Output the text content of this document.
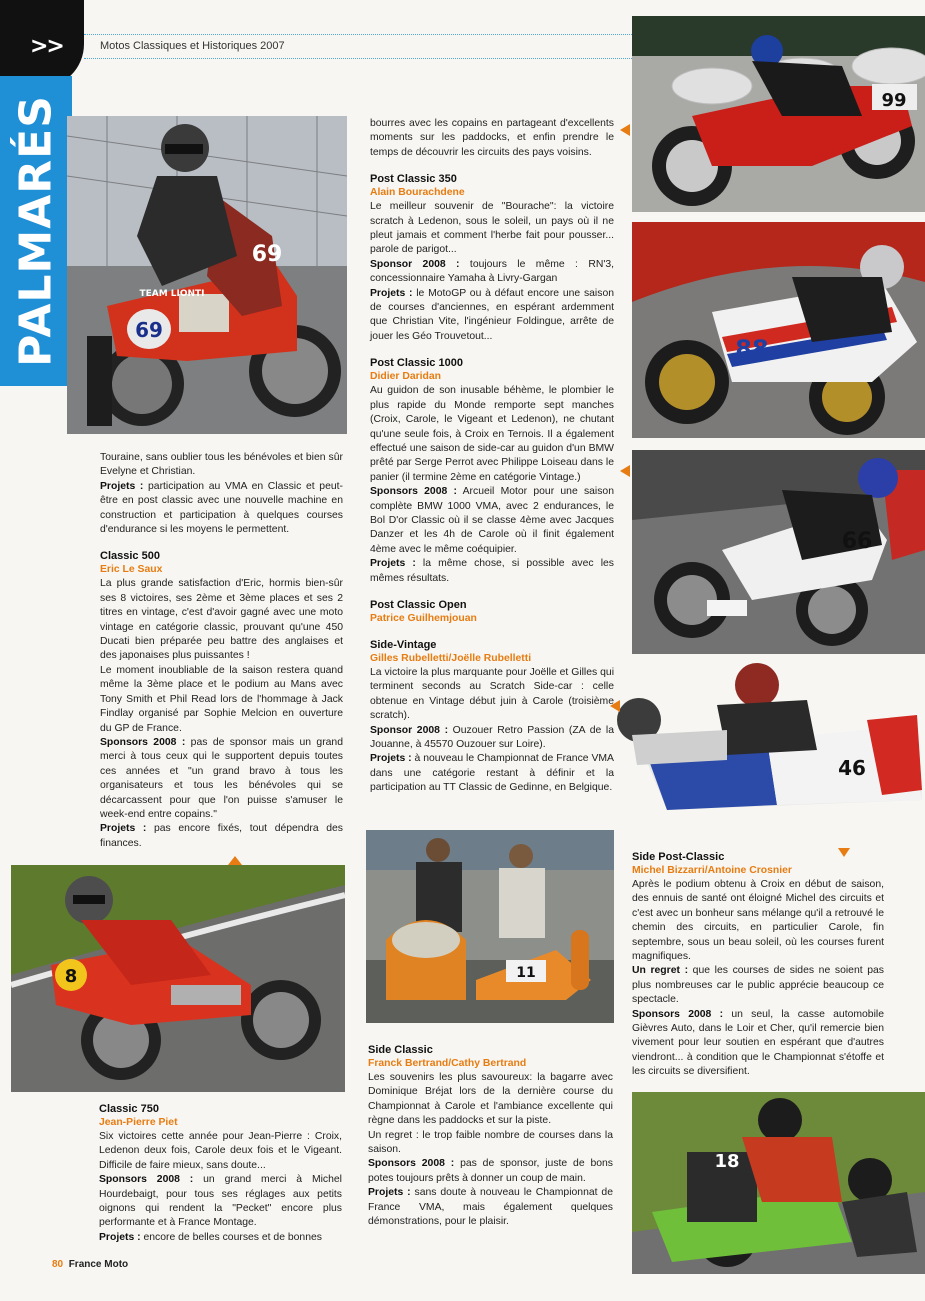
>>
PALMARÉS
Motos Classiques et Historiques 2007
69
69
TEAM LIONTI
8	11
99
88
66
46
18

Touraine, sans oublier tous les bénévoles et bien sûr Evelyne et Christian.

Projets : participation au VMA en Classic et peut-être en post classic avec une nouvelle machine en construction et participation à quelques courses d'endurance si les moyens le permettent.

Classic 500
Eric Le Saux

La plus grande satisfaction d'Eric, hormis bien-sûr ses 8 victoires, ses 2ème et 3ème places et ses 2 titres en vintage, c'est d'avoir gagné avec une moto vintage en catégorie classic, prouvant qu'une 450 Ducati bien préparée peu battre des anglaises et des japonaises plus puissantes !

Le moment inoubliable de la saison restera quand même la 3ème place et le podium au Mans avec Tony Smith et Phil Read lors de l'hommage à Jack Findlay organisé par Sophie Melcion en ouverture du GP de France.

Sponsors 2008 : pas de sponsor mais un grand merci à tous ceux qui le supportent depuis toutes ces années et "un grand bravo à tous les organisateurs et tous les bénévoles qui se décarcassent pour que l'on puisse s'amuser le week-end entre copains."

Projets : pas encore fixés, tout dépendra des finances.

Classic 750
Jean-Pierre Piet

Six victoires cette année pour Jean-Pierre : Croix, Ledenon deux fois, Carole deux fois et le Vigeant. Difficile de faire mieux, sans doute...

Sponsors 2008 : un grand merci à Michel Hourdebaigt, pour tous ses réglages aux petits oignons qui rendent la "Pecket" encore plus performante et à France Montage.

Projets : encore de belles courses et de bonnes

bourres avec les copains en partageant d'excellents moments sur les paddocks, et enfin prendre le temps de découvrir les circuits des pays voisins.

Post Classic 350
Alain Bourachdene

Le meilleur souvenir de "Bourache": la victoire scratch à Ledenon, sous le soleil, un pays où il ne pleut jamais et comment l'herbe fait pour pousser... parole de parigot...

Sponsor 2008 : toujours le même : RN'3, concessionnaire Yamaha à Livry-Gargan

Projets : le MotoGP ou à défaut encore une saison de courses d'anciennes, en espérant ardemment que Christian Vite, l'ingénieur Foldingue, arrête de jouer les Géo Trouvetout...

Post Classic 1000
Didier Daridan

Au guidon de son inusable béhème, le plombier le plus rapide du Monde remporte sept manches (Croix, Carole, le Vigeant et Ledenon), ne chutant qu'une seule fois, à Croix en Ternois. Il a également effectué une saison de side-car au guidon d'un BMW prêté par Serge Perrot avec Philippe Loiseau dans le panier (il termine 2ème en catégorie Vintage.)

Sponsors 2008 : Arcueil Motor pour une saison complète BMW 1000 VMA, avec 2 endurances, le Bol D'or Classic où il se classe 4ème avec Jacques Danzer et les 4h de Carole où il finit également 4ème avec le même coéquipier.

Projets : la même chose, si possible avec les mêmes résultats.

Post Classic Open
Patrice Guilhemjouan
Side-Vintage
Gilles Rubelletti/Joëlle Rubelletti

La victoire la plus marquante pour Joëlle et Gilles qui terminent seconds au Scratch Side-car : celle obtenue en Vintage début juin à Carole (troisième scratch).

Sponsor 2008 : Ouzouer Retro Passion (ZA de la Jouanne, à 45570 Ouzouer sur Loire).

Projets : à nouveau le Championnat de France VMA dans une catégorie restant à définir et la participation au TT Classic de Gedinne, en Belgique.

Side Classic
Franck Bertrand/Cathy Bertrand

Les souvenirs les plus savoureux: la bagarre avec Dominique Bréjat lors de la dernière course du Championnat à Carole et l'ambiance excellente qui règne dans les paddocks et sur la piste.

Un regret : le trop faible nombre de courses dans la saison.

Sponsors 2008 : pas de sponsor, juste de bons potes toujours prêts à donner un coup de main.

Projets : sans doute à nouveau le Championnat de France VMA, mais également quelques démonstrations, pour le plaisir.

Side Post-Classic
Michel Bizzarri/Antoine Crosnier

Après le podium obtenu à Croix en début de saison, des ennuis de santé ont éloigné Michel des circuits et c'est avec un bonheur sans mélange qu'il a retrouvé le chemin des circuits, en particulier Carole, fin septembre, sous un beau soleil, où les courses furent magnifiques.

Un regret : que les courses de sides ne soient pas plus nombreuses car le public apprécie beaucoup ce spectacle.

Sponsors 2008 : un seul, la casse automobile Gièvres Auto, dans le Loir et Cher, qu'il remercie bien vivement pour leur soutien en espérant que d'autres viendront... à condition que le Championnat s'étoffe et les circuits se diversifient.

80 France Moto
